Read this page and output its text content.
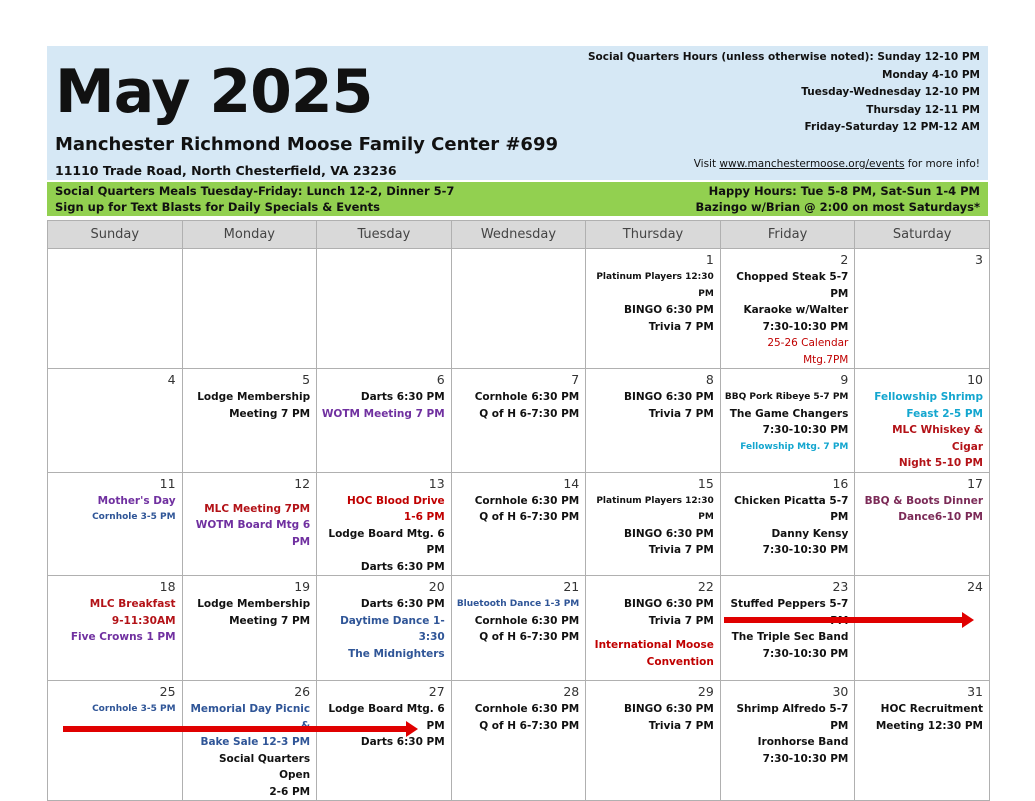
May 2025
Manchester Richmond Moose Family Center #699
11110 Trade Road, North Chesterfield, VA 23236
Social Quarters Hours (unless otherwise noted): Sunday 12-10 PM
Monday 4-10 PM
Tuesday-Wednesday 12-10 PM
Thursday 12-11 PM
Friday-Saturday 12 PM-12 AM
Visit www.manchestermoose.org/events for more info!
Social Quarters Meals Tuesday-Friday: Lunch 12-2, Dinner 5-7
Sign up for Text Blasts for Daily Specials & Events
Happy Hours: Tue 5-8 PM, Sat-Sun 1-4 PM
Bazingo w/Brian @ 2:00 on most Saturdays*
Sunday	Monday	Tuesday	Wednesday	Thursday	Friday	Saturday

				1
Platinum Players 12:30 PM
BINGO 6:30 PM
Trivia 7 PM	2
Chopped Steak 5-7 PM
Karaoke w/Walter
7:30-10:30 PM
25-26 Calendar Mtg.7PM	3

4	5
Lodge Membership
Meeting 7 PM	6
Darts 6:30 PM
WOTM Meeting 7 PM	7
Cornhole 6:30 PM
Q of H 6-7:30 PM	8
BINGO 6:30 PM
Trivia 7 PM	9
BBQ Pork Ribeye 5-7 PM
The Game Changers
7:30-10:30 PM
Fellowship Mtg. 7 PM	10
Fellowship Shrimp
Feast 2-5 PM
MLC Whiskey & Cigar
Night 5-10 PM

11
Mother's Day
Cornhole 3-5 PM	12
MLC Meeting 7PM
WOTM Board Mtg 6 PM	13
HOC Blood Drive
1-6 PM
Lodge Board Mtg. 6 PM
Darts 6:30 PM	14
Cornhole 6:30 PM
Q of H 6-7:30 PM	15
Platinum Players 12:30 PM
BINGO 6:30 PM
Trivia 7 PM	16
Chicken Picatta 5-7 PM
Danny Kensy
7:30-10:30 PM	17
BBQ & Boots Dinner
Dance6-10 PM

18
MLC Breakfast
9-11:30AM
Five Crowns 1 PM	19
Lodge Membership
Meeting 7 PM	20
Darts 6:30 PM
Daytime Dance 1-3:30
The Midnighters	21
Bluetooth Dance 1-3 PM
Cornhole 6:30 PM
Q of H 6-7:30 PM	22
BINGO 6:30 PM
Trivia 7 PM
International Moose
Convention	23
Stuffed Peppers 5-7
The Triple Sec Band
7:30-10:30 PM	24

25
Cornhole 3-5 PM	26
Memorial Day Picnic
Bake Sale 12-3 PM
Social Quarters Open
2-6 PM	27
Lodge Board Mtg. 6 PM
Darts 6:30 PM	28
Cornhole 6:30 PM
Q of H 6-7:30 PM	29
BINGO 6:30 PM
Trivia 7 PM	30
Shrimp Alfredo 5-7 PM
Ironhorse Band
7:30-10:30 PM	31
HOC Recruitment
Meeting 12:30 PM
